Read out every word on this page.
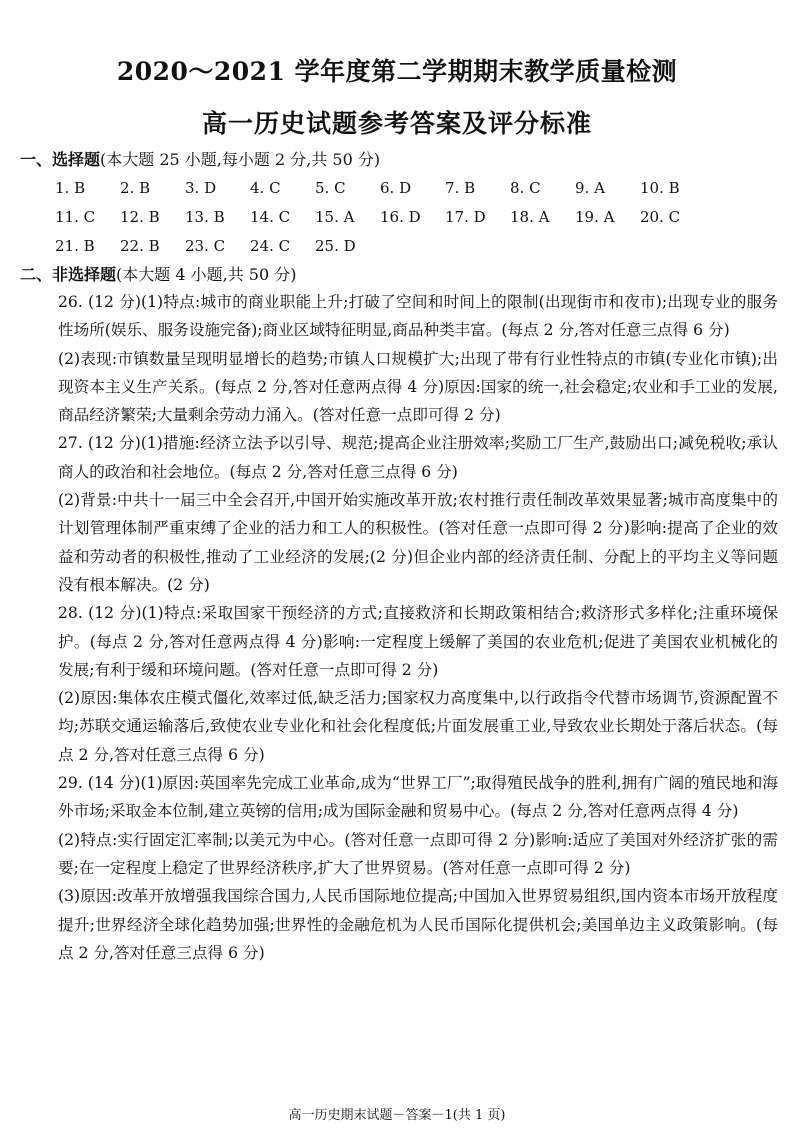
2020～2021 学年度第二学期期末教学质量检测
高一历史试题参考答案及评分标准
一、选择题(本大题 25 小题,每小题 2 分,共 50 分)
1. B	2. B	3. D	4. C	5. C	6. D	7. B	8. C	9. A	10. B
11. C	12. B	13. B	14. C	15. A	16. D	17. D	18. A	19. A	20. C
21. B	22. B	23. C	24. C	25. D
二、非选择题(本大题 4 小题,共 50 分)

26. (12 分)(1)特点:城市的商业职能上升;打破了空间和时间上的限制(出现街市和夜市);出现专业的服务性场所(娱乐、服务设施完备);商业区域特征明显,商品种类丰富。(每点 2 分,答对任意三点得 6 分)

(2)表现:市镇数量呈现明显增长的趋势;市镇人口规模扩大;出现了带有行业性特点的市镇(专业化市镇);出现资本主义生产关系。(每点 2 分,答对任意两点得 4 分)原因:国家的统一,社会稳定;农业和手工业的发展,商品经济繁荣;大量剩余劳动力涌入。(答对任意一点即可得 2 分)

27. (12 分)(1)措施:经济立法予以引导、规范;提高企业注册效率;奖励工厂生产,鼓励出口;减免税收;承认商人的政治和社会地位。(每点 2 分,答对任意三点得 6 分)

(2)背景:中共十一届三中全会召开,中国开始实施改革开放;农村推行责任制改革效果显著;城市高度集中的计划管理体制严重束缚了企业的活力和工人的积极性。(答对任意一点即可得 2 分)影响:提高了企业的效益和劳动者的积极性,推动了工业经济的发展;(2 分)但企业内部的经济责任制、分配上的平均主义等问题没有根本解决。(2 分)

28. (12 分)(1)特点:采取国家干预经济的方式;直接救济和长期政策相结合;救济形式多样化;注重环境保护。(每点 2 分,答对任意两点得 4 分)影响:一定程度上缓解了美国的农业危机;促进了美国农业机械化的发展;有利于缓和环境问题。(答对任意一点即可得 2 分)

(2)原因:集体农庄模式僵化,效率过低,缺乏活力;国家权力高度集中,以行政指令代替市场调节,资源配置不均;苏联交通运输落后,致使农业专业化和社会化程度低;片面发展重工业,导致农业长期处于落后状态。(每点 2 分,答对任意三点得 6 分)

29. (14 分)(1)原因:英国率先完成工业革命,成为“世界工厂”;取得殖民战争的胜利,拥有广阔的殖民地和海外市场;采取金本位制,建立英镑的信用;成为国际金融和贸易中心。(每点 2 分,答对任意两点得 4 分)

(2)特点:实行固定汇率制;以美元为中心。(答对任意一点即可得 2 分)影响:适应了美国对外经济扩张的需要;在一定程度上稳定了世界经济秩序,扩大了世界贸易。(答对任意一点即可得 2 分)

(3)原因:改革开放增强我国综合国力,人民币国际地位提高;中国加入世界贸易组织,国内资本市场开放程度提升;世界经济全球化趋势加强;世界性的金融危机为人民币国际化提供机会;美国单边主义政策影响。(每点 2 分,答对任意三点得 6 分)

高一历史期末试题－答案－1(共 1 页)
